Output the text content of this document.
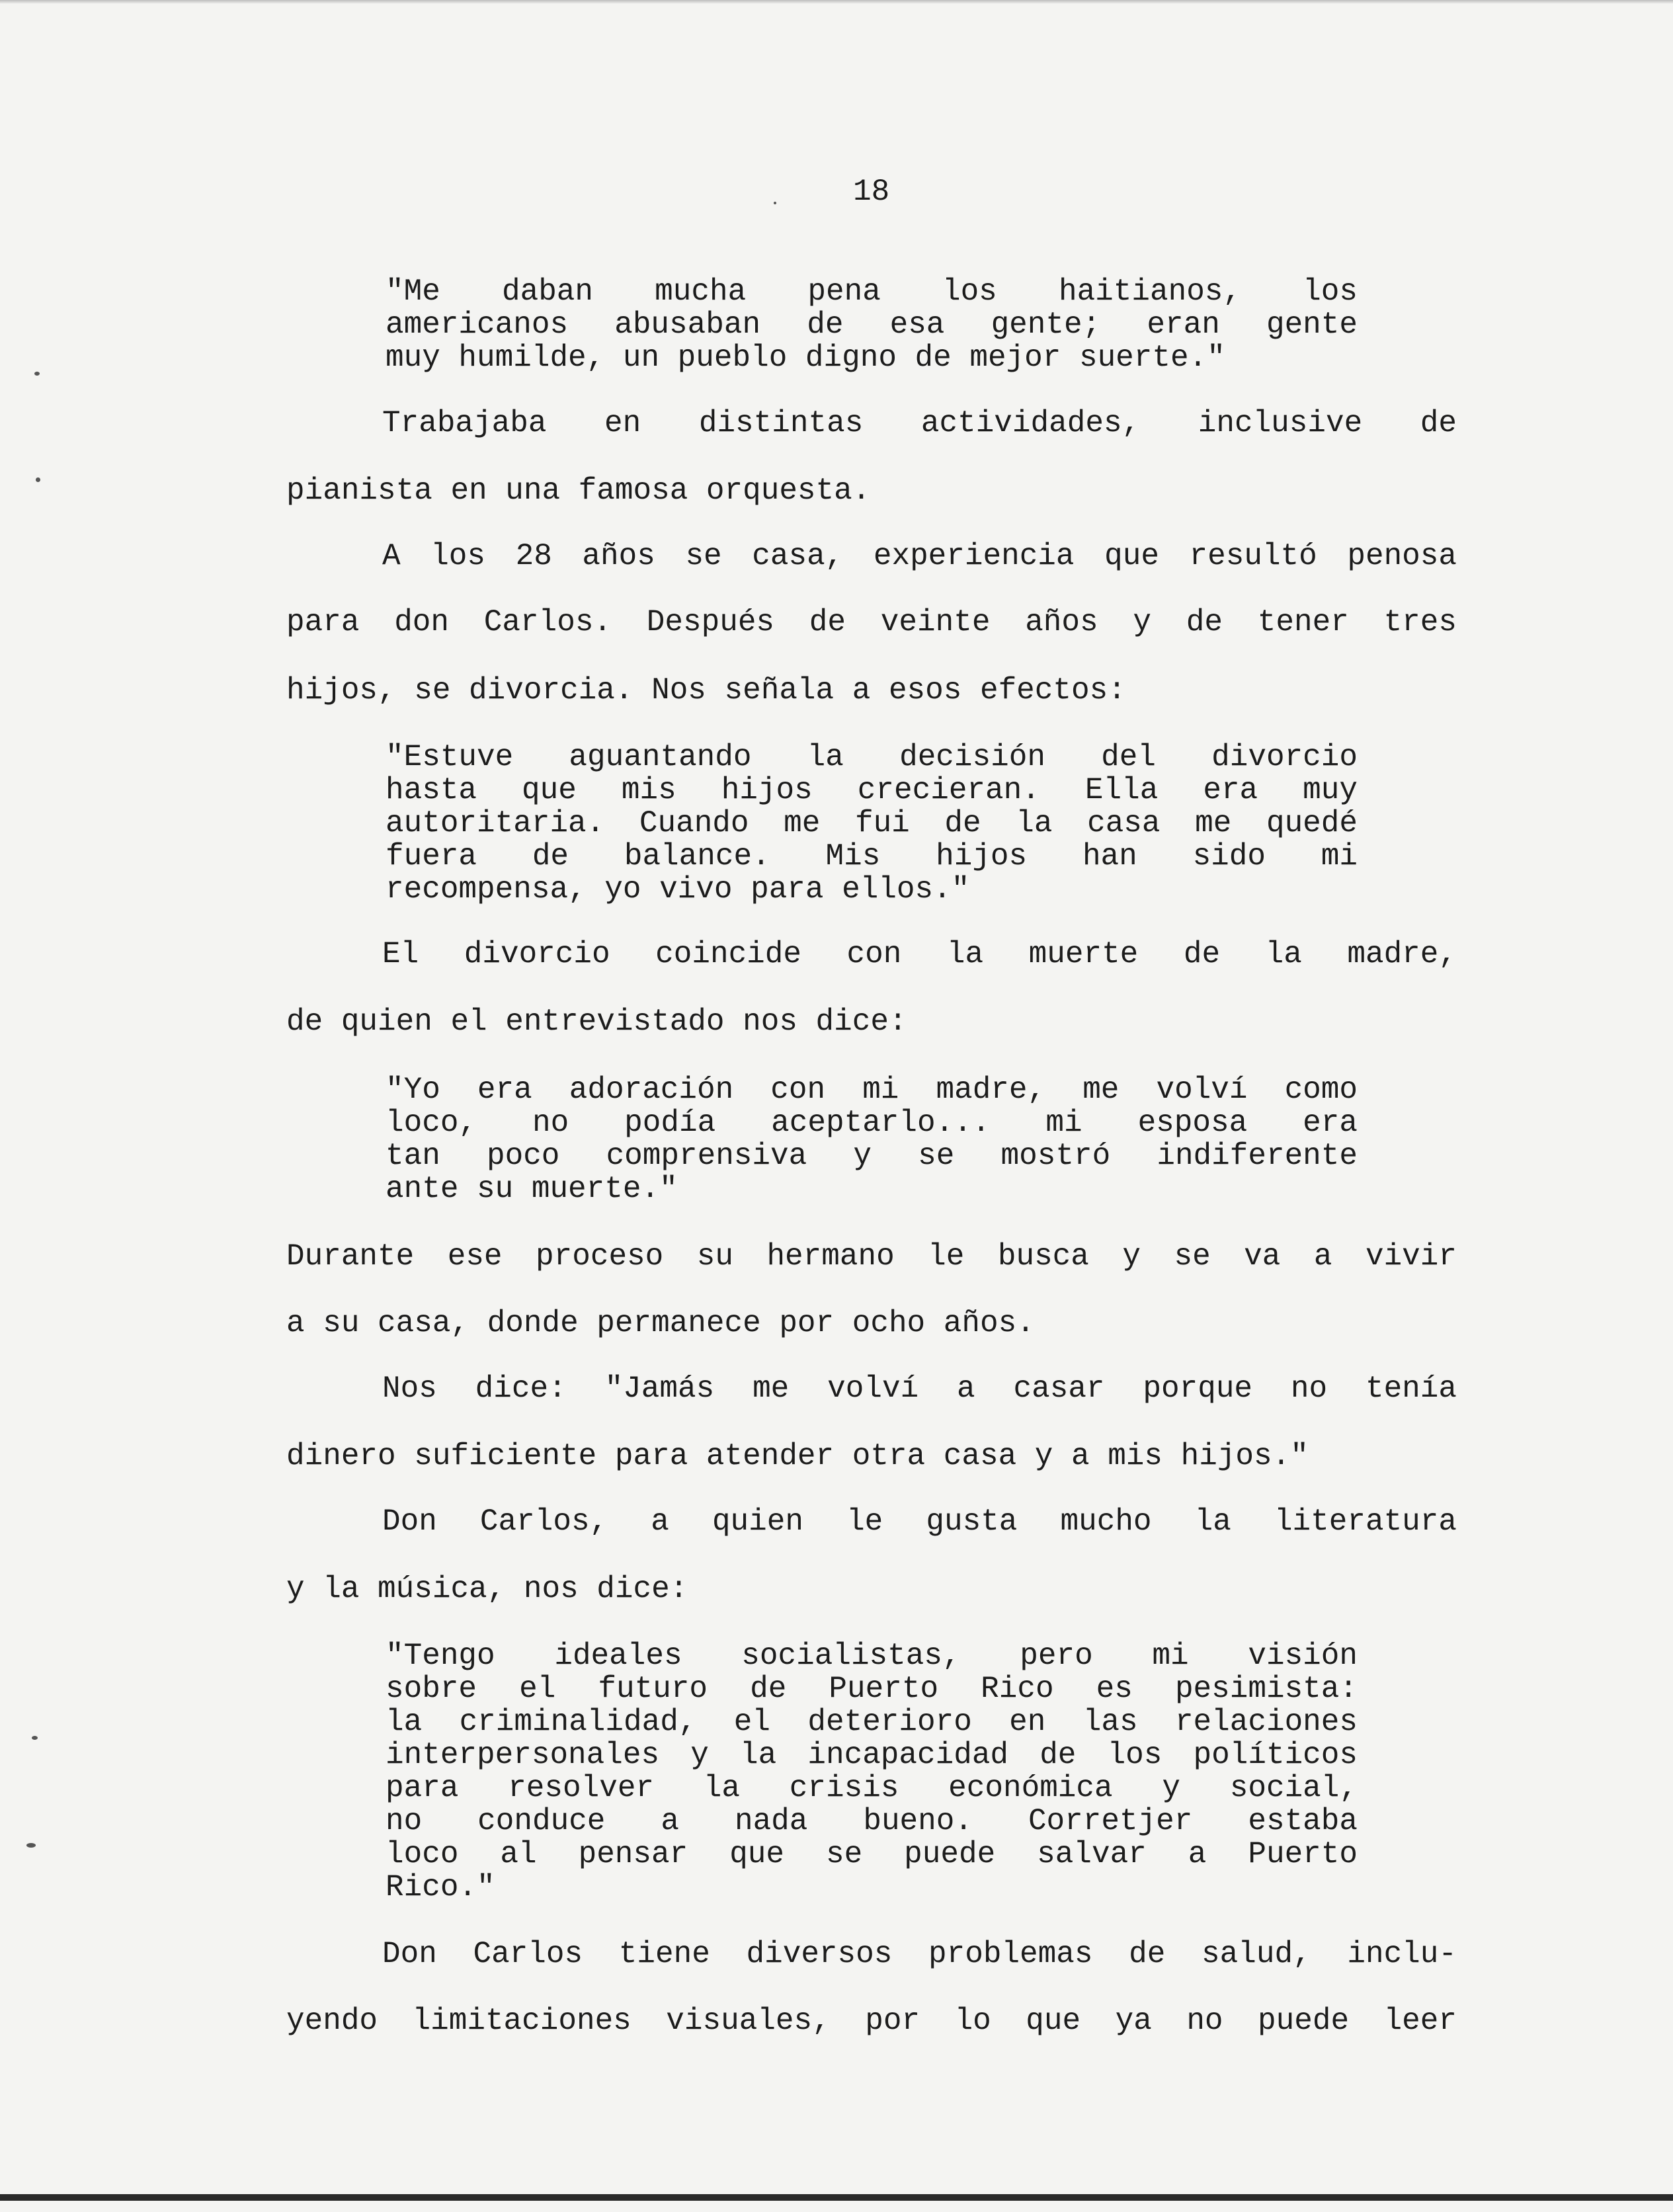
18
"Me daban mucha pena los haitianos, los
americanos abusaban de esa gente; eran gente
muy humilde, un pueblo digno de mejor suerte."
Trabajaba en distintas actividades, inclusive de
pianista en una famosa orquesta.
A los 28 años se casa, experiencia que resultó penosa
para don Carlos. Después de veinte años y de tener tres
hijos, se divorcia. Nos señala a esos efectos:
"Estuve aguantando la decisión del divorcio
hasta que mis hijos crecieran. Ella era muy
autoritaria. Cuando me fui de la casa me quedé
fuera de balance. Mis hijos han sido mi
recompensa, yo vivo para ellos."
El divorcio coincide con la muerte de la madre,
de quien el entrevistado nos dice:
"Yo era adoración con mi madre, me volví como
loco, no podía aceptarlo... mi esposa era
tan poco comprensiva y se mostró indiferente
ante su muerte."
Durante ese proceso su hermano le busca y se va a vivir
a su casa, donde permanece por ocho años.
Nos dice: "Jamás me volví a casar porque no tenía
dinero suficiente para atender otra casa y a mis hijos."
Don Carlos, a quien le gusta mucho la literatura
y la música, nos dice:
"Tengo ideales socialistas, pero mi visión
sobre el futuro de Puerto Rico es pesimista:
la criminalidad, el deterioro en las relaciones
interpersonales y la incapacidad de los políticos
para resolver la crisis económica y social,
no conduce a nada bueno. Corretjer estaba
loco al pensar que se puede salvar a Puerto
Rico."
Don Carlos tiene diversos problemas de salud, inclu-
yendo limitaciones visuales, por lo que ya no puede leer
